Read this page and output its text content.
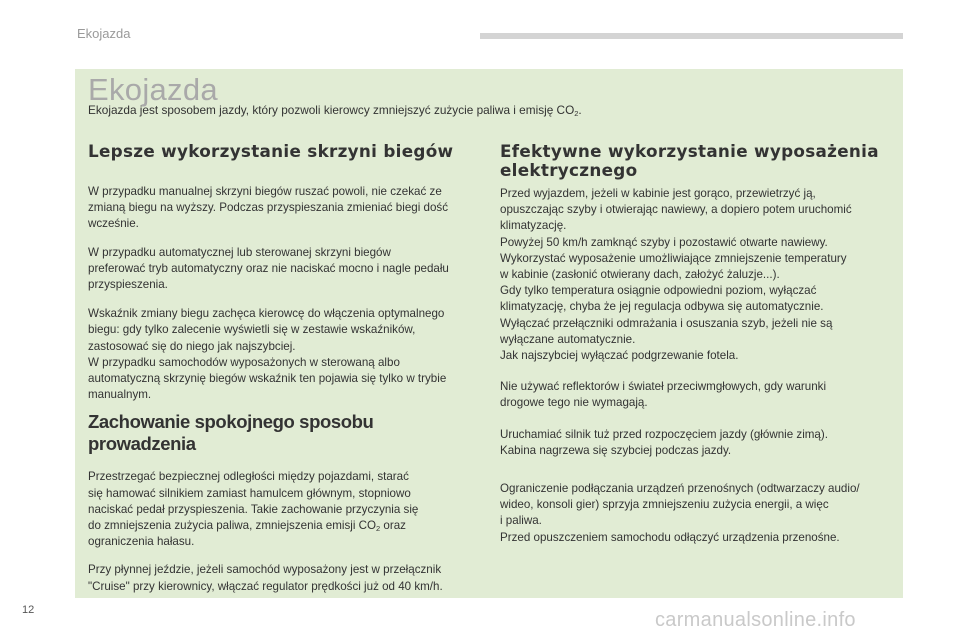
Ekojazda
Ekojazda
Ekojazda jest sposobem jazdy, który pozwoli kierowcy zmniejszyć zużycie paliwa i emisję $CO_2$.
Lepsze wykorzystanie skrzyni biegów

W przypadku manualnej skrzyni biegów ruszać powoli, nie czekać ze
zmianą biegu na wyższy. Podczas przyspieszania zmieniać biegi dość
wcześnie.

W przypadku automatycznej lub sterowanej skrzyni biegów
preferować tryb automatyczny oraz nie naciskać mocno i nagle pedału
przyspieszenia.

Wskaźnik zmiany biegu zachęca kierowcę do włączenia optymalnego
biegu: gdy tylko zalecenie wyświetli się w zestawie wskaźników,
zastosować się do niego jak najszybciej.
W przypadku samochodów wyposażonych w sterowaną albo
automatyczną skrzynię biegów wskaźnik ten pojawia się tylko w trybie
manualnym.

Zachowanie spokojnego sposobu prowadzenia

Przestrzegać bezpiecznej odległości między pojazdami, starać
się hamować silnikiem zamiast hamulcem głównym, stopniowo
naciskać pedał przyspieszenia. Takie zachowanie przyczynia się
do zmniejszenia zużycia paliwa, zmniejszenia emisji $CO_2$ oraz
ograniczenia hałasu.

Przy płynnej jeździe, jeżeli samochód wyposażony jest w przełącznik
"Cruise" przy kierownicy, włączać regulator prędkości już od 40 km/h.

Efektywne wykorzystanie wyposażenia
elektrycznego

Przed wyjazdem, jeżeli w kabinie jest gorąco, przewietrzyć ją,
opuszczając szyby i otwierając nawiewy, a dopiero potem uruchomić
klimatyzację.
Powyżej 50 km/h zamknąć szyby i pozostawić otwarte nawiewy.
Wykorzystać wyposażenie umożliwiające zmniejszenie temperatury
w kabinie (zasłonić otwierany dach, założyć żaluzje...).
Gdy tylko temperatura osiągnie odpowiedni poziom, wyłączać
klimatyzację, chyba że jej regulacja odbywa się automatycznie.
Wyłączać przełączniki odmrażania i osuszania szyb, jeżeli nie są
wyłączane automatycznie.
Jak najszybciej wyłączać podgrzewanie fotela.

Nie używać reflektorów i świateł przeciwmgłowych, gdy warunki
drogowe tego nie wymagają.

Uruchamiać silnik tuż przed rozpoczęciem jazdy (głównie zimą).
Kabina nagrzewa się szybciej podczas jazdy.

Ograniczenie podłączania urządzeń przenośnych (odtwarzaczy audio/
wideo, konsoli gier) sprzyja zmniejszeniu zużycia energii, a więc
i paliwa.
Przed opuszczeniem samochodu odłączyć urządzenia przenośne.

12	carmanualsonline.info
